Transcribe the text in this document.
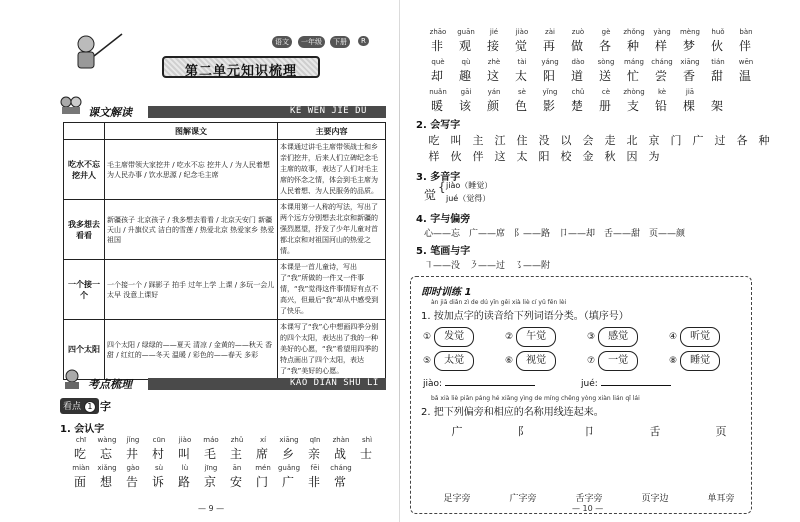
语文	一年级	下册	R
第二单元知识梳理
课文解读	KE WEN JIE DU
	图解课文	主要内容
吃水不忘挖井人	毛主席带领大家挖井 / 吃水不忘 挖井人 / 为人民着想 为人民办事 / 饮水思源 / 纪念毛主席	本课通过讲毛主席带领战士和乡亲们挖井，后来人们立碑纪念毛主席的故事，表达了人们对毛主席的怀念之情，体会到毛主席为人民着想、为人民服务的品质。
我多想去看看	新疆孩子 北京孩子 / 我多想去看看 / 北京天安门 新疆天山 / 升旗仪式 洁白的雪莲 / 热爱北京 热爱家乡 热爱祖国	本课用第一人称的写法，写出了两个远方分别想去北京和新疆的强烈愿望，抒发了少年儿童对首都北京和对祖国河山的热爱之情。
一个接一个	一个接一个 / 踩影子 拍手 过年上学 上课 / 多玩一会儿 太早 没意上课好	本课是一首儿童诗，写出了“我”所做的一件又一件事情，“我”觉得这件事情好有点不高兴，但最后“我”却从中感受到了快乐。
四个太阳	四个太阳 / 绿绿的——夏天 清凉 / 金黄的——秋天 香甜 / 红红的——冬天 温暖 / 彩色的——春天 多彩	本课写了“我”心中想画四季分别的四个太阳，表达出了我的一种美好的心愿，“我”希望用四季的特点画出了四个太阳，表达了“我”美好的心愿。
考点梳理	KAO DIAN SHU LI
看点 1 字
1. 会认字
chī	wàng	jǐng	cūn	jiào	máo	zhǔ	xí	xiāng	qīn	zhàn	shì
吃 忘 井 村 叫 毛 主 席 乡 亲 战 士
miàn	xiǎng	gào	sù	lù	jīng	ān	mén	guǎng	fēi	cháng
面 想 告 诉 路 京 安 门 广 非 常
— 9 —
zhāo	guān	jié	jiào	zài	zuò	gè	zhǒng	yàng	mèng	huǒ	bàn
非	观	接	觉	再	做	各	种	样	梦	伙	伴
què	qù	zhè	tài	yáng	dào	sòng	máng	cháng	xiāng	tián	wēn
却	趣	这	太	阳	道	送	忙	尝	香	甜	温
nuǎn	gāi	yán	sè	yǐng	chǔ	cè	zhòng	kè	jiā
暖	该	颜	色	影	楚	册	支	铅	棵	架
2. 会写字
吃 叫 主 江 住 没 以 会 走 北 京 门 广 过 各 种
样 伙 伴 这 太 阳 校 金 秋 因 为
3. 多音字
觉
{ jiào（睡觉）
jué（觉得）
4. 字与偏旁
心——忘　广——席　阝——路　卩——却　舌——甜　页——颜
5. 笔画与字
㇕——没　㇋——过　㇌——附
— 10 —
即时训练 1
àn jiā diǎn zì de dú yīn gěi xià liè cí yǔ fēn lèi
1. 按加点字的读音给下列词语分类。（填序号）
① 发觉	② 午觉	③ 感觉	④ 听觉
⑤ 太觉	⑥ 视觉	⑦ 一觉	⑧ 睡觉
jiào:	jué:
bǎ xià liè piān páng hé xiāng yìng de míng chēng yòng xiàn lián qǐ lái
2. 把下列偏旁和相应的名称用线连起来。
广	阝	卩	舌	页
足字旁	广字旁	舌字旁	页字边	单耳旁
